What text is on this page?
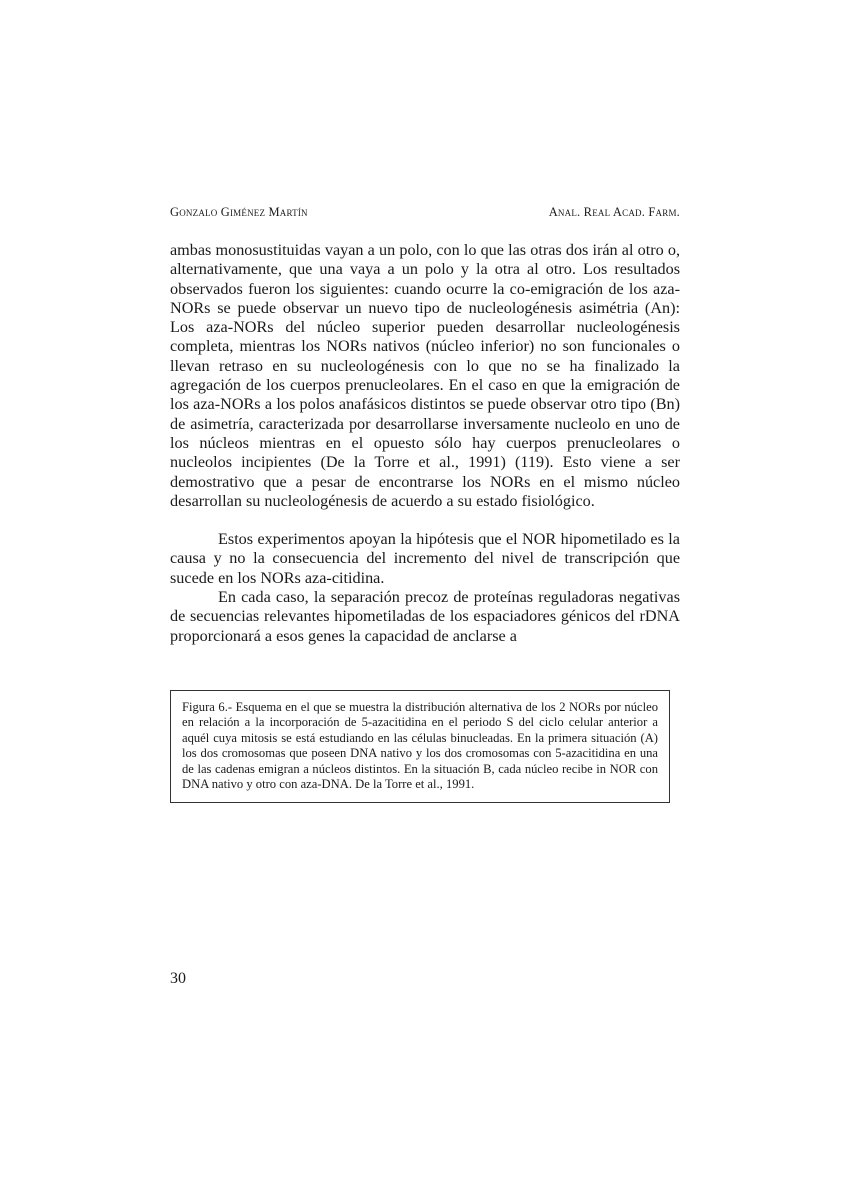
Gonzalo Giménez Martín	Anal. Real Acad. Farm.

ambas monosustituidas vayan a un polo, con lo que las otras dos irán al otro o, alternativamente, que una vaya a un polo y la otra al otro. Los resultados observados fueron los siguientes: cuando ocurre la co-emigración de los aza-NORs se puede observar un nuevo tipo de nucleologénesis asimétria (An): Los aza-NORs del núcleo superior pueden desarrollar nucleologénesis completa, mientras los NORs nativos (núcleo inferior) no son funcionales o llevan retraso en su nucleologénesis con lo que no se ha finalizado la agregación de los cuerpos prenucleolares. En el caso en que la emigración de los aza-NORs a los polos anafásicos distintos se puede observar otro tipo (Bn) de asimetría, caracterizada por desarrollarse inversamente nucleolo en uno de los núcleos mientras en el opuesto sólo hay cuerpos prenucleolares o nucleolos incipientes (De la Torre et al., 1991) (119). Esto viene a ser demostrativo que a pesar de encontrarse los NORs en el mismo núcleo desarrollan su nucleologénesis de acuerdo a su estado fisiológico.

Estos experimentos apoyan la hipótesis que el NOR hipometilado es la causa y no la consecuencia del incremento del nivel de transcripción que sucede en los NORs aza-citidina.

En cada caso, la separación precoz de proteínas reguladoras negativas de secuencias relevantes hipometiladas de los espaciadores génicos del rDNA proporcionará a esos genes la capacidad de anclarse a

Figura 6.- Esquema en el que se muestra la distribución alternativa de los 2 NORs por núcleo en relación a la incorporación de 5-azacitidina en el periodo S del ciclo celular anterior a aquél cuya mitosis se está estudiando en las células binucleadas. En la primera situación (A) los dos cromosomas que poseen DNA nativo y los dos cromosomas con 5-azacitidina en una de las cadenas emigran a núcleos distintos. En la situación B, cada núcleo recibe in NOR con DNA nativo y otro con aza-DNA. De la Torre et al., 1991.
30
